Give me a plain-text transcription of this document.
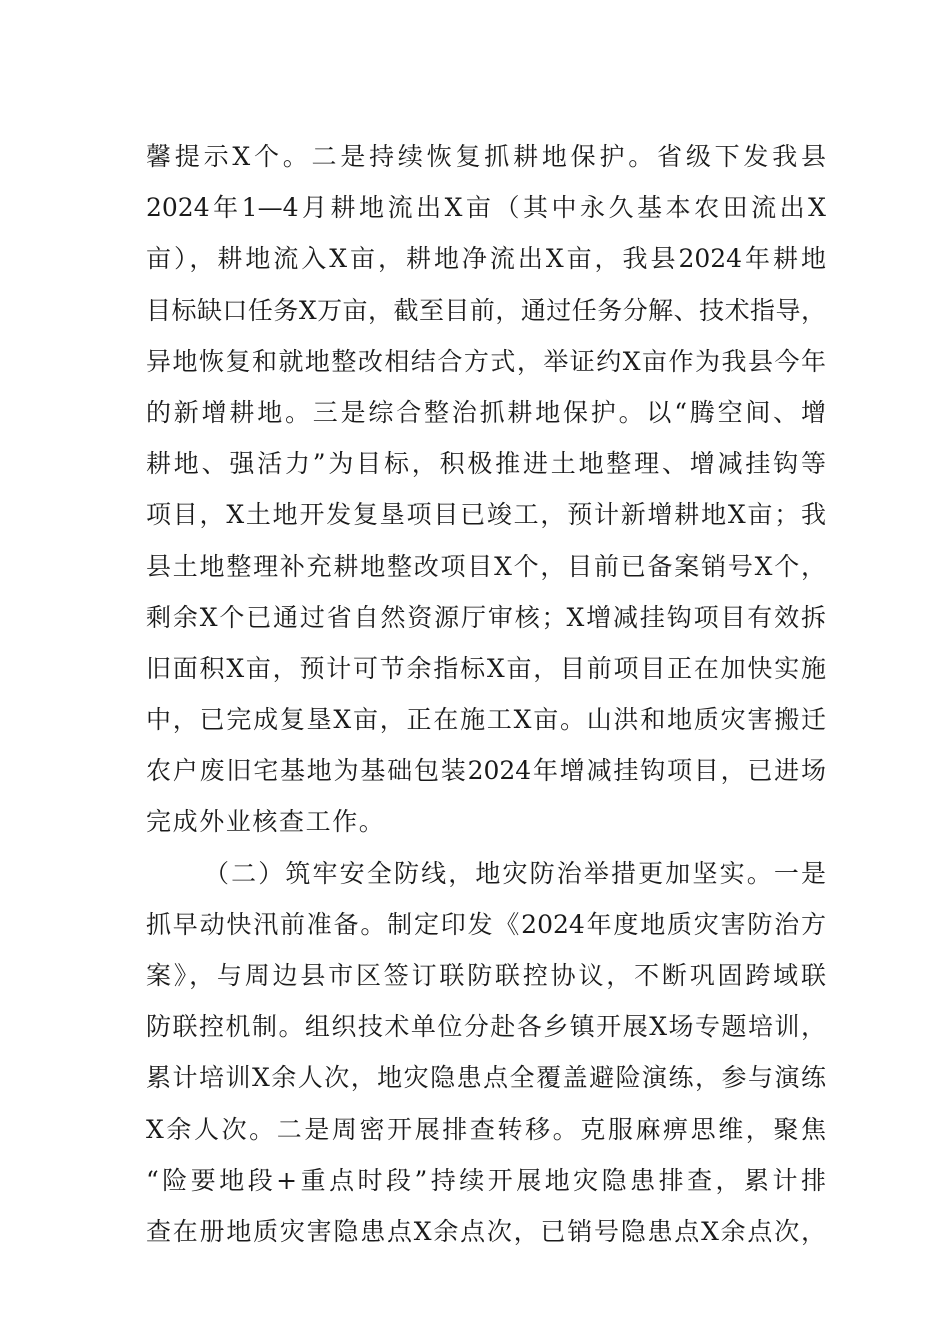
馨提示X个。二是持续恢复抓耕地保护。省级下发我县
2024年1—4月耕地流出X亩（其中永久基本农田流出X
亩），耕地流入X亩，耕地净流出X亩，我县2024年耕地
目标缺口任务X万亩，截至目前，通过任务分解、技术指导，
异地恢复和就地整改相结合方式，举证约X亩作为我县今年
的新增耕地。三是综合整治抓耕地保护。以“腾空间、增
耕地、强活力”为目标，积极推进土地整理、增减挂钩等
项目，X土地开发复垦项目已竣工，预计新增耕地X亩；我
县土地整理补充耕地整改项目X个，目前已备案销号X个，
剩余X个已通过省自然资源厅审核；X增减挂钩项目有效拆
旧面积X亩，预计可节余指标X亩，目前项目正在加快实施
中，已完成复垦X亩，正在施工X亩。山洪和地质灾害搬迁
农户废旧宅基地为基础包装2024年增减挂钩项目，已进场
完成外业核查工作。
（二）筑牢安全防线，地灾防治举措更加坚实。一是
抓早动快汛前准备。制定印发《2024年度地质灾害防治方
案》，与周边县市区签订联防联控协议，不断巩固跨域联
防联控机制。组织技术单位分赴各乡镇开展X场专题培训，
累计培训X余人次，地灾隐患点全覆盖避险演练，参与演练
X余人次。二是周密开展排查转移。克服麻痹思维，聚焦
“险要地段+重点时段”持续开展地灾隐患排查，累计排
查在册地质灾害隐患点X余点次，已销号隐患点X余点次，
